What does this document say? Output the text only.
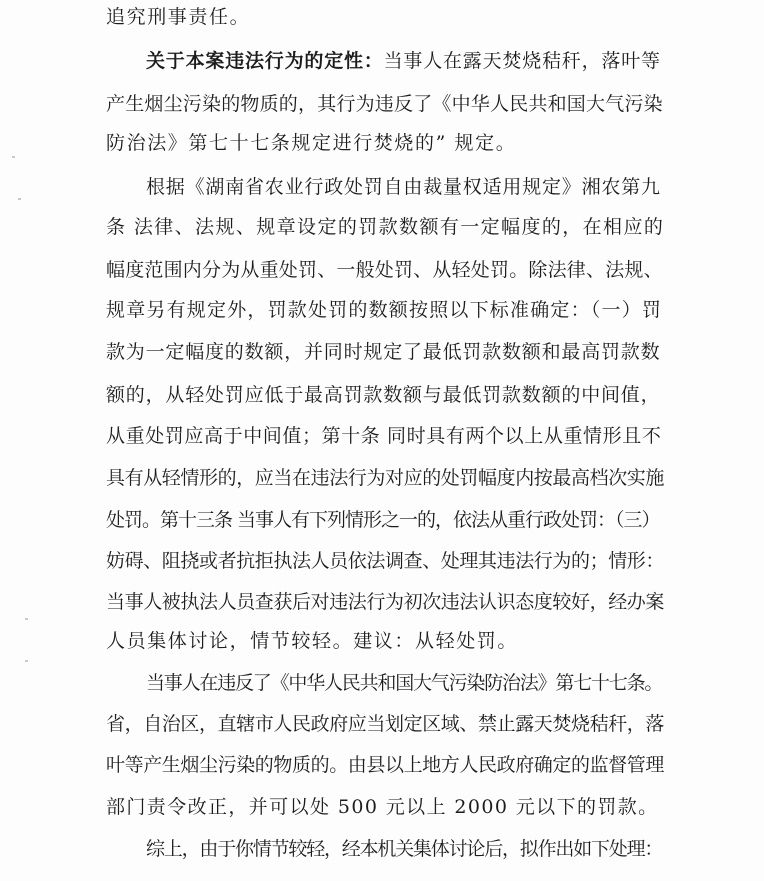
追究刑事责任。
关于本案违法行为的定性：当事人在露天焚烧秸秆，落叶等
产生烟尘污染的物质的，其行为违反了《中华人民共和国大气污染
防治法》第七十七条规定进行焚烧的” 规定。
根据《湖南省农业行政处罚自由裁量权适用规定》湘农第九
条 法律、法规、规章设定的罚款数额有一定幅度的，在相应的
幅度范围内分为从重处罚、一般处罚、从轻处罚。除法律、法规、
规章另有规定外，罚款处罚的数额按照以下标准确定：（一）罚
款为一定幅度的数额，并同时规定了最低罚款数额和最高罚款数
额的，从轻处罚应低于最高罚款数额与最低罚款数额的中间值，
从重处罚应高于中间值；第十条 同时具有两个以上从重情形且不
具有从轻情形的，应当在违法行为对应的处罚幅度内按最高档次实施
处罚。第十三条 当事人有下列情形之一的，依法从重行政处罚：（三）
妨碍、阻挠或者抗拒执法人员依法调查、处理其违法行为的；情形：
当事人被执法人员查获后对违法行为初次违法认识态度较好，经办案
人员集体讨论，情节较轻。建议：从轻处罚。
当事人在违反了《中华人民共和国大气污染防治法》第七十七条。
省，自治区，直辖市人民政府应当划定区域、禁止露天焚烧秸秆，落
叶等产生烟尘污染的物质的。由县以上地方人民政府确定的监督管理
部门责令改正，并可以处 500 元以上 2000 元以下的罚款。
综上，由于你情节较轻，经本机关集体讨论后，拟作出如下处理：
